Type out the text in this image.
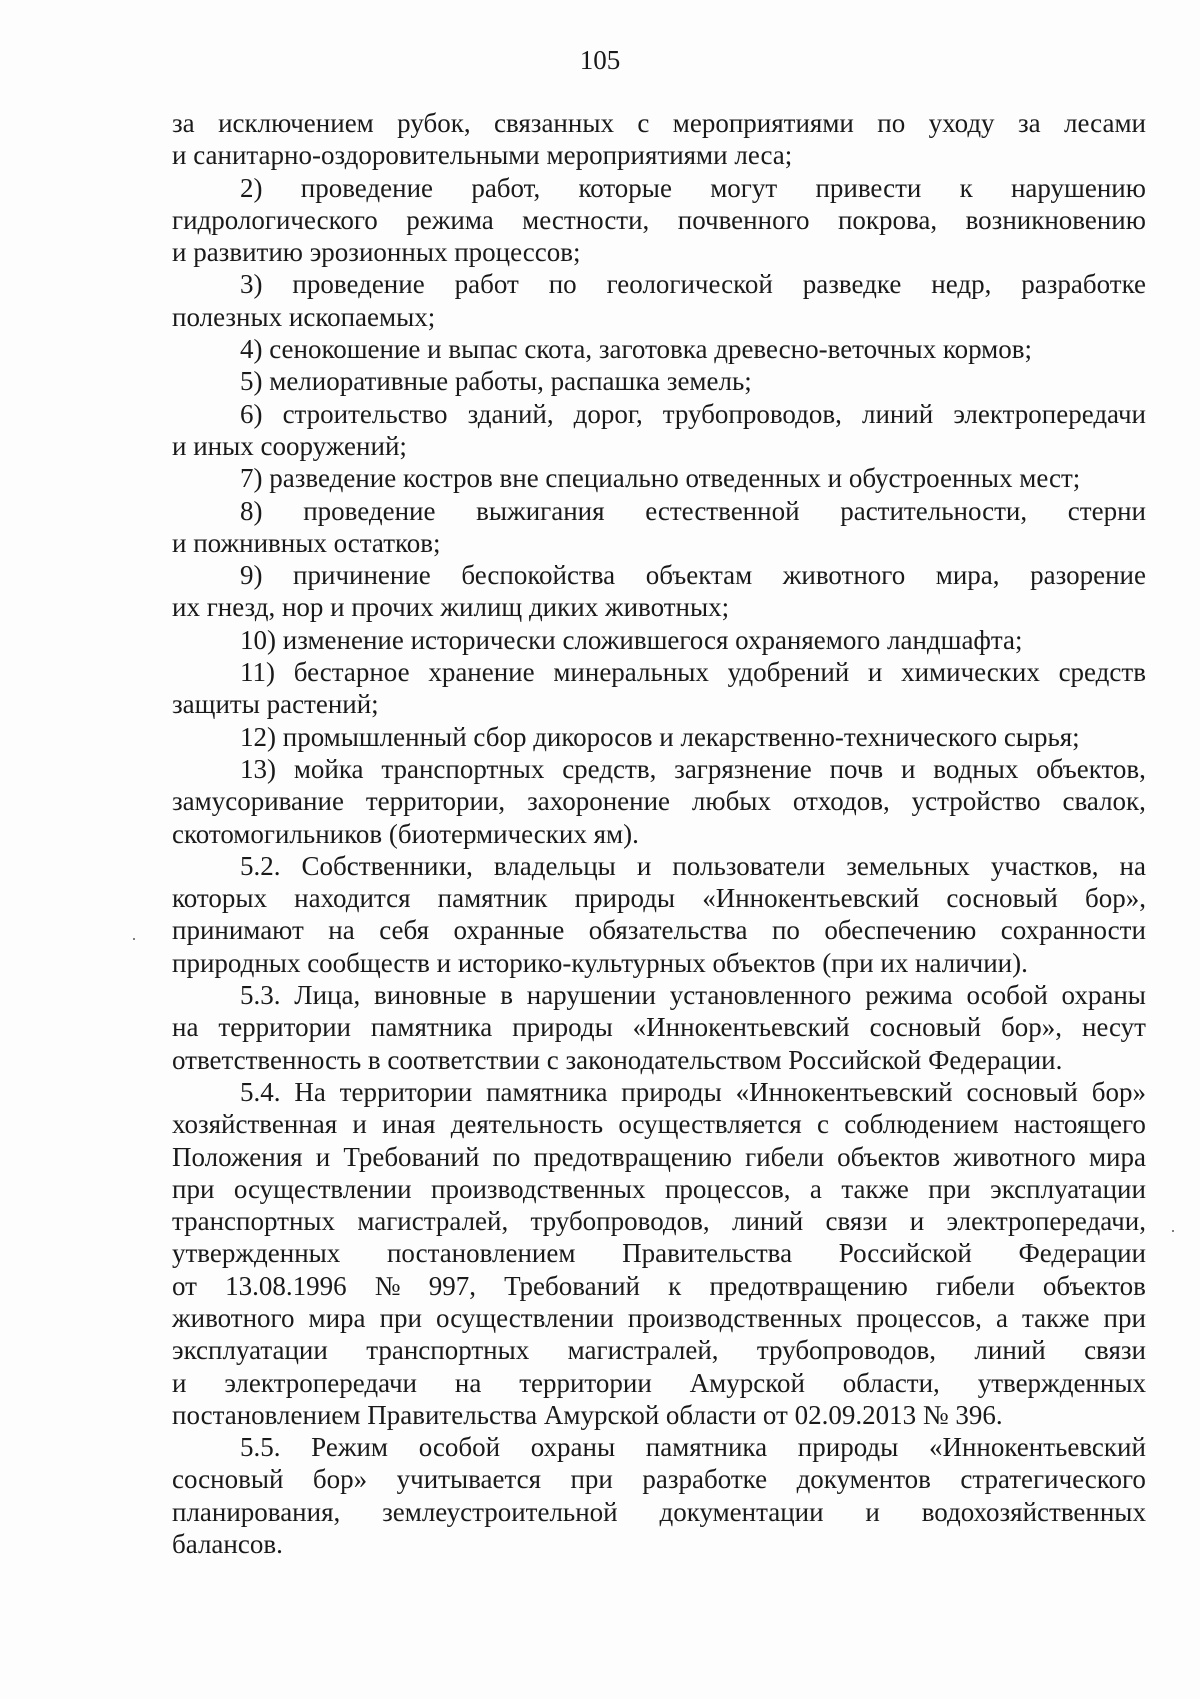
105
за исключением рубок, связанных с мероприятиями по уходу за лесами
и санитарно-оздоровительными мероприятиями леса;
2) проведение работ, которые могут привести к нарушению
гидрологического режима местности, почвенного покрова, возникновению
и развитию эрозионных процессов;
3) проведение работ по геологической разведке недр, разработке
полезных ископаемых;
4) сенокошение и выпас скота, заготовка древесно-веточных кормов;
5) мелиоративные работы, распашка земель;
6) строительство зданий, дорог, трубопроводов, линий электропередачи
и иных сооружений;
7) разведение костров вне специально отведенных и обустроенных мест;
8) проведение выжигания естественной растительности, стерни
и пожнивных остатков;
9) причинение беспокойства объектам животного мира, разорение
их гнезд, нор и прочих жилищ диких животных;
10) изменение исторически сложившегося охраняемого ландшафта;
11) бестарное хранение минеральных удобрений и химических средств
защиты растений;
12) промышленный сбор дикоросов и лекарственно-технического сырья;
13) мойка транспортных средств, загрязнение почв и водных объектов,
замусоривание территории, захоронение любых отходов, устройство свалок,
скотомогильников (биотермических ям).
5.2. Собственники, владельцы и пользователи земельных участков, на
которых находится памятник природы «Иннокентьевский сосновый бор»,
принимают на себя охранные обязательства по обеспечению сохранности
природных сообществ и историко-культурных объектов (при их наличии).
5.3. Лица, виновные в нарушении установленного режима особой охраны
на территории памятника природы «Иннокентьевский сосновый бор», несут
ответственность в соответствии с законодательством Российской Федерации.
5.4. На территории памятника природы «Иннокентьевский сосновый бор»
хозяйственная и иная деятельность осуществляется с соблюдением настоящего
Положения и Требований по предотвращению гибели объектов животного мира
при осуществлении производственных процессов, а также при эксплуатации
транспортных магистралей, трубопроводов, линий связи и электропередачи,
утвержденных постановлением Правительства Российской Федерации
от 13.08.1996 № 997, Требований к предотвращению гибели объектов
животного мира при осуществлении производственных процессов, а также при
эксплуатации транспортных магистралей, трубопроводов, линий связи
и электропередачи на территории Амурской области, утвержденных
постановлением Правительства Амурской области от 02.09.2013 № 396.
5.5. Режим особой охраны памятника природы «Иннокентьевский
сосновый бор» учитывается при разработке документов стратегического
планирования, землеустроительной документации и водохозяйственных
балансов.
